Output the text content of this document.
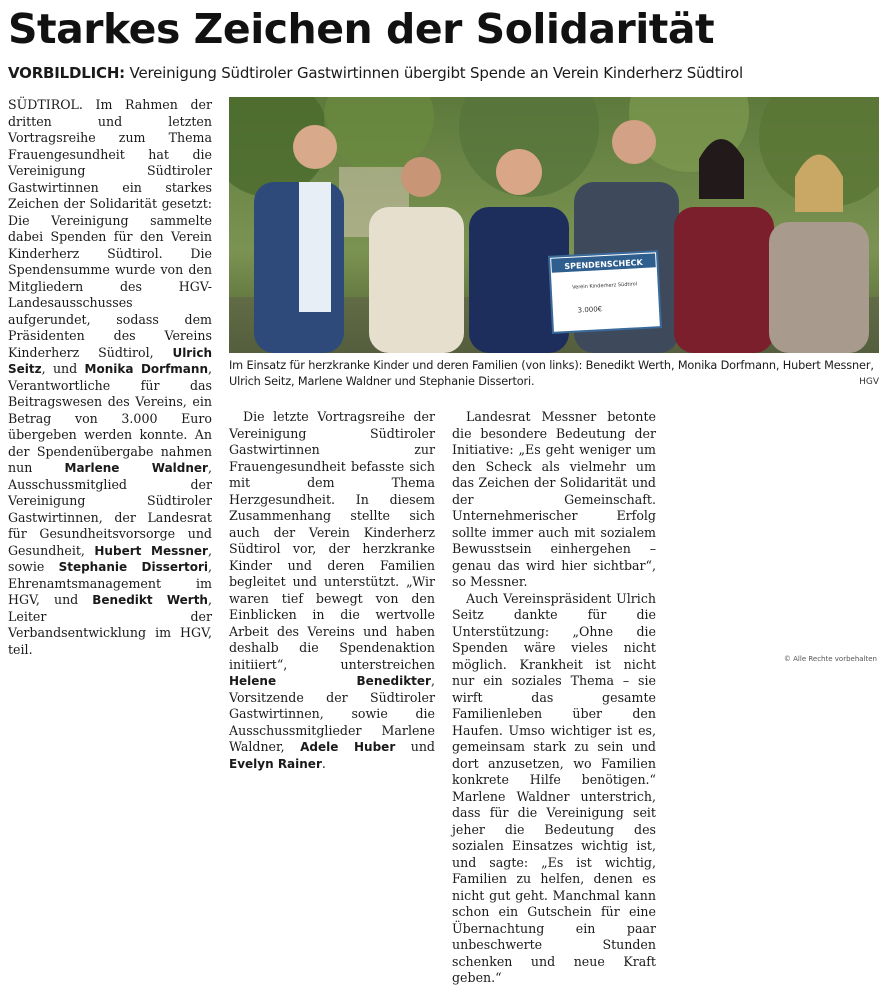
Starkes Zeichen der Solidarität
VORBILDLICH: Vereinigung Südtiroler Gastwirtinnen übergibt Spende an Verein Kinderherz Südtirol

SÜDTIROL. Im Rahmen der dritten und letzten Vortragsreihe zum Thema Frauengesundheit hat die Vereinigung Südtiroler Gastwirtinnen ein starkes Zeichen der Solidarität gesetzt: Die Vereinigung sammelte dabei Spenden für den Verein Kinderherz Südtirol. Die Spendensumme wurde von den Mitgliedern des HGV-Landesausschusses aufgerundet, sodass dem Präsidenten des Vereins Kinderherz Südtirol, Ulrich Seitz, und Monika Dorfmann, Verantwortliche für das Beitragswesen des Vereins, ein Betrag von 3.000 Euro übergeben werden konnte. An der Spendenübergabe nahmen nun Marlene Waldner, Ausschussmitglied der Vereinigung Südtiroler Gastwirtinnen, der Landesrat für Gesundheitsvorsorge und Gesundheit, Hubert Messner, sowie Stephanie Dissertori, Ehrenamtsmanagement im HGV, und Benedikt Werth, Leiter der Verbandsentwicklung im HGV, teil.

SPENDENSCHECK
Verein Kinderherz Südtirol
3.000€
Im Einsatz für herzkranke Kinder und deren Familien (von links): Benedikt Werth, Monika Dorfmann, Hubert Messner, Ulrich Seitz, Marlene Waldner und Stephanie Dissertori.	HGV

Die letzte Vortragsreihe der Vereinigung Südtiroler Gastwirtinnen zur Frauengesundheit befasste sich mit dem Thema Herzgesundheit. In diesem Zusammenhang stellte sich auch der Verein Kinderherz Südtirol vor, der herzkranke Kinder und deren Familien begleitet und unterstützt. „Wir waren tief bewegt von den Einblicken in die wertvolle Arbeit des Vereins und haben deshalb die Spendenaktion initiiert“, unterstreichen Helene Benedikter, Vorsitzende der Südtiroler Gastwirtinnen, sowie die Ausschussmitglieder Marlene Waldner, Adele Huber und Evelyn Rainer.

Landesrat Messner betonte die besondere Bedeutung der Initiative: „Es geht weniger um den Scheck als vielmehr um das Zeichen der Solidarität und der Gemeinschaft. Unternehmerischer Erfolg sollte immer auch mit sozialem Bewusstsein einhergehen – genau das wird hier sichtbar“, so Messner.

Auch Vereinspräsident Ulrich Seitz dankte für die Unterstützung: „Ohne die Spenden wäre vieles nicht möglich. Krankheit ist nicht nur ein soziales Thema – sie wirft das gesamte Familienleben über den Haufen. Umso wichtiger ist es, gemeinsam stark zu sein und dort anzusetzen, wo Familien konkrete Hilfe benötigen.“ Marlene Waldner unterstrich, dass für die Vereinigung seit jeher die Bedeutung des sozialen Einsatzes wichtig ist, und sagte: „Es ist wichtig, Familien zu helfen, denen es nicht gut geht. Manchmal kann schon ein Gutschein für eine Übernachtung ein paar unbeschwerte Stunden schenken und neue Kraft geben.“

© Alle Rechte vorbehalten
